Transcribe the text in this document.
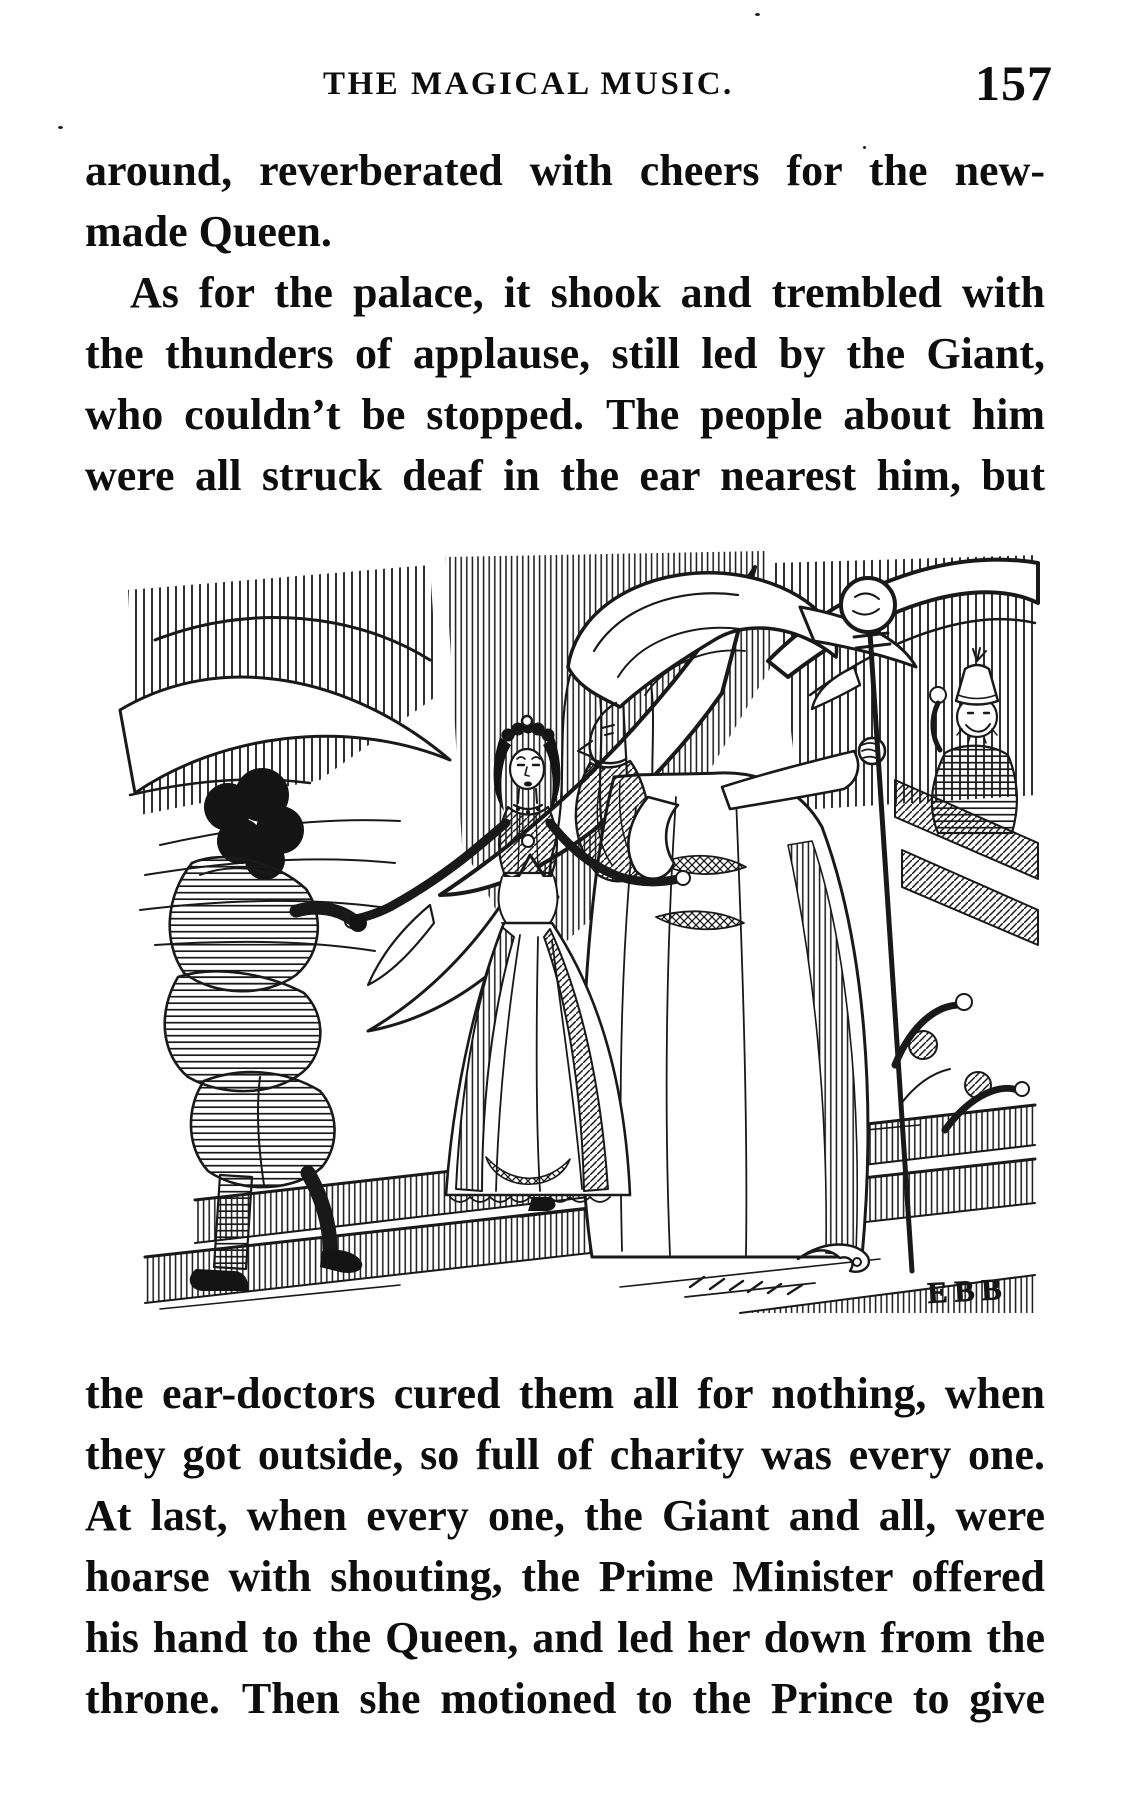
THE MAGICAL MUSIC.	157
around, reverberated with cheers for the new-
made Queen.
As for the palace, it shook and trembled with
the thunders of applause, still led by the Giant,
who couldn’t be stopped. The people about him
were all struck deaf in the ear nearest him, but
EBB
the ear-doctors cured them all for nothing, when
they got outside, so full of charity was every one.
At last, when every one, the Giant and all, were
hoarse with shouting, the Prime Minister offered
his hand to the Queen, and led her down from the
throne. Then she motioned to the Prince to give
